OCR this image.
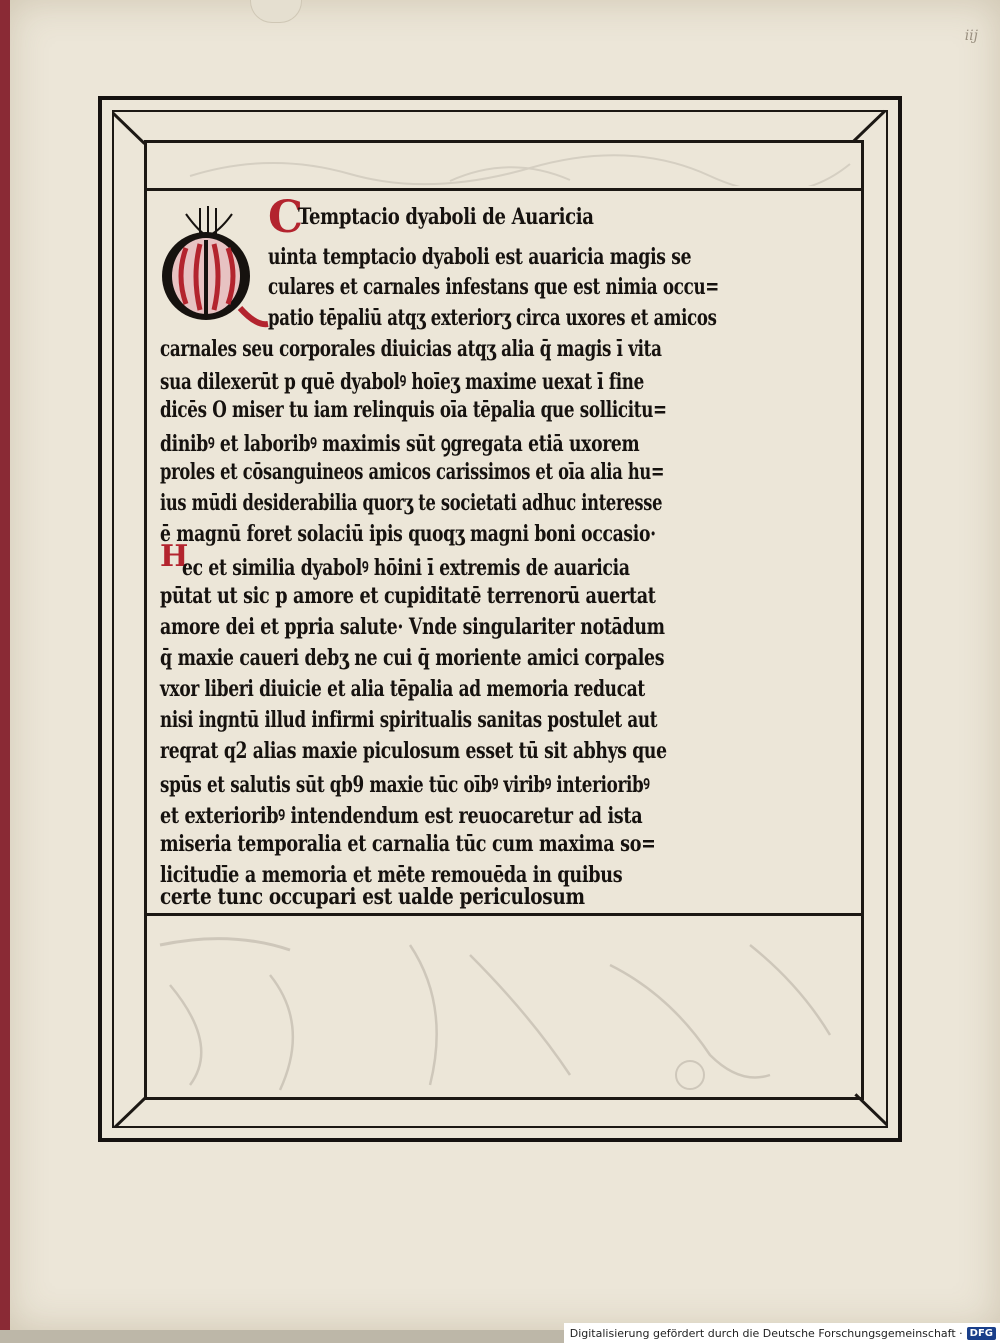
iij
C
Temptacio dyaboli de Auaricia
uinta temptacio dyaboli est auaricia magis se
culares et carnales infestans que est nimia occu=
patio tēpaliū atqʒ exteriorʒ circa uxores et amicos
carnales seu corporales diuicias atqʒ alia q̄ magis ī vita
sua dilexerūt p quē dyabolꝰ hoīeʒ maxime uexat ī fine
dicēs O miser tu iam relinquis oīa tēpalia que sollicitu=
dinibꝰ et laboribꝰ maximis sūt ꝯgregata etiā uxorem
proles et cōsanguineos amicos carissimos et oīa alia hu=
ius mūdi desiderabilia quorʒ te societati adhuc interesse
ē magnū foret solaciū ipis quoqʒ magni boni occasio·
H
ec et similia dyabolꝰ hōini ī extremis de auaricia
pūtat ut sic p amore et cupiditatē terrenorū auertat
amore dei et ppria salute· Vnde singulariter notādum
q̄ maxie caueri debʒ ne cui q̄ moriente amici corpales
vxor liberi diuicie et alia tēpalia ad memoria reducat
nisi ingntū illud infirmi spiritualis sanitas postulet aut
reqrat q2 alias maxie piculosum esset tū sit abhys que
spūs et salutis sūt qb9 maxie tūc oībꝰ viribꝰ interioribꝰ
et exterioribꝰ intendendum est reuocaretur ad ista
miseria temporalia et carnalia tūc cum maxima so=
licitudīe a memoria et mēte remouēda in quibus
certe tunc occupari est ualde periculosum
Digitalisierung gefördert durch die Deutsche Forschungsgemeinschaft · DFG
